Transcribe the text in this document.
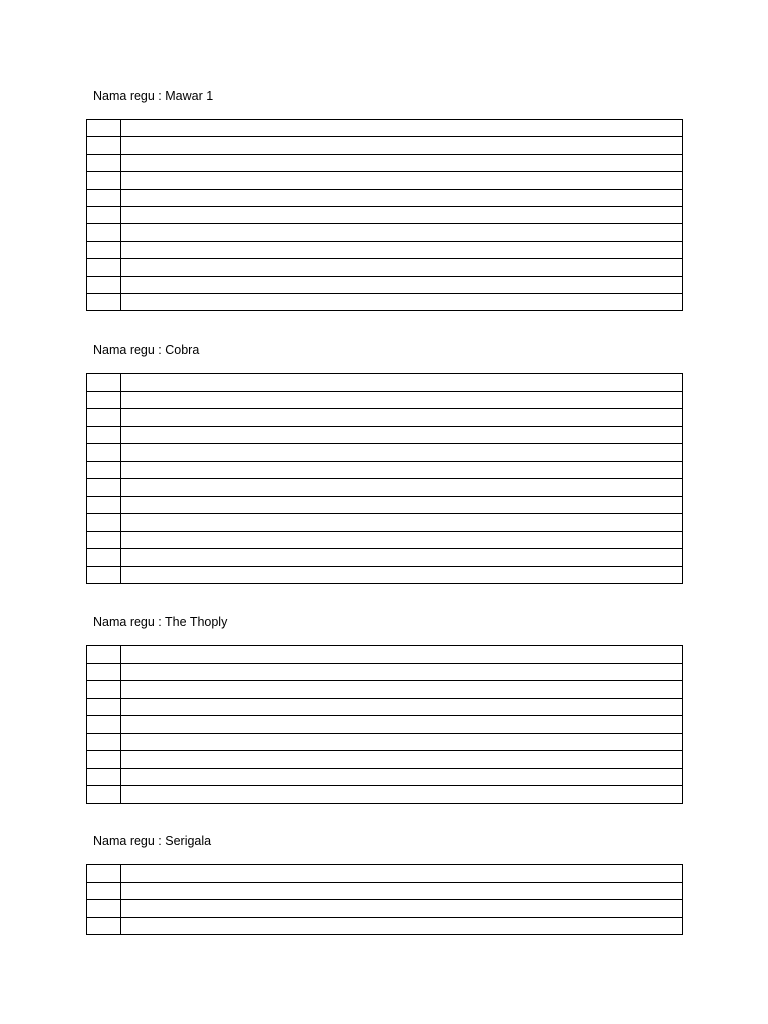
Nama regu : Mawar 1

Nama regu : Cobra

Nama regu : The Thoply

Nama regu : Serigala
